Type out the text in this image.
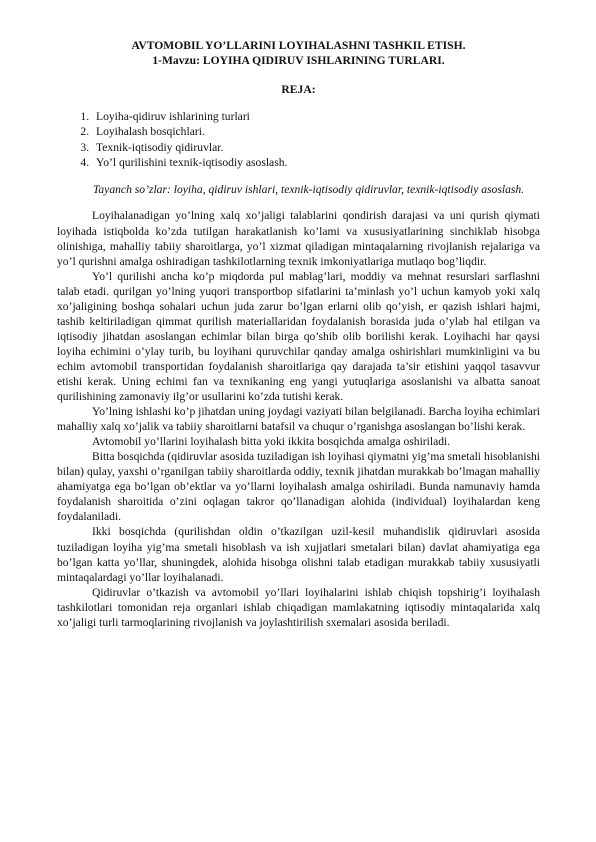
AVTOMOBIL YO’LLARINI LOYIHALASHNI TASHKIL ETISH.

1-Mavzu: LOYIHA QIDIRUV ISHLARINING TURLARI.

REJA:

1. Loyiha-qidiruv ishlarining turlari
2. Loyihalash bosqichlari.
3. Texnik-iqtisodiy qidiruvlar.
4. Yo’l qurilishini texnik-iqtisodiy asoslash.

Tayanch so’zlar: loyiha, qidiruv ishlari, texnik-iqtisodiy qidiruvlar, texnik-iqtisodiy asoslash.

Loyihalanadigan yo’lning xalq xo’jaligi talablarini qondirish darajasi va uni qurish qiymati loyihada istiqbolda ko’zda tutilgan harakatlanish ko’lami va xususiyatlarining sinchiklab hisobga olinishiga, mahalliy tabiiy sharoitlarga, yo’l xizmat qiladigan mintaqalarning rivojlanish rejalariga va yo’l qurishni amalga oshiradigan tashkilotlarning texnik imkoniyatlariga mutlaqo bog’liqdir.

Yo’l qurilishi ancha ko’p miqdorda pul mablag’lari, moddiy va mehnat resurslari sarflashni talab etadi. qurilgan yo’lning yuqori transportbop sifatlarini ta’minlash yo’l uchun kamyob yoki xalq xo’jaligining boshqa sohalari uchun juda zarur bo’lgan erlarni olib qo’yish, er qazish ishlari hajmi, tashib keltiriladigan qimmat qurilish materiallaridan foydalanish borasida juda o’ylab hal etilgan va iqtisodiy jihatdan asoslangan echimlar bilan birga qo’shib olib borilishi kerak. Loyihachi har qaysi loyiha echimini o’ylay turib, bu loyihani quruvchilar qanday amalga oshirishlari mumkinligini va bu echim avtomobil transportidan foydalanish sharoitlariga qay darajada ta’sir etishini yaqqol tasavvur etishi kerak. Uning echimi fan va texnikaning eng yangi yutuqlariga asoslanishi va albatta sanoat qurilishining zamonaviy ilg’or usullarini ko’zda tutishi kerak.

Yo’lning ishlashi ko’p jihatdan uning joydagi vaziyati bilan belgilanadi. Barcha loyiha echimlari mahalliy xalq xo’jalik va tabiiy sharoitlarni batafsil va chuqur o’rganishga asoslangan bo’lishi kerak.

Avtomobil yo’llarini loyihalash bitta yoki ikkita bosqichda amalga oshiriladi.

Bitta bosqichda (qidiruvlar asosida tuziladigan ish loyihasi qiymatni yig’ma smetali hisoblanishi bilan) qulay, yaxshi o’rganilgan tabiiy sharoitlarda oddiy, texnik jihatdan murakkab bo’lmagan mahalliy ahamiyatga ega bo’lgan ob’ektlar va yo’llarni loyihalash amalga oshiriladi. Bunda namunaviy hamda foydalanish sharoitida o’zini oqlagan takror qo’llanadigan alohida (individual) loyihalardan keng foydalaniladi.

Ikki bosqichda (qurilishdan oldin o’tkazilgan uzil-kesil muhandislik qidiruvlari asosida tuziladigan loyiha yig’ma smetali hisoblash va ish xujjatlari smetalari bilan) davlat ahamiyatiga ega bo’lgan katta yo’llar, shuningdek, alohida hisobga olishni talab etadigan murakkab tabiiy xususiyatli mintaqalardagi yo’llar loyihalanadi.

Qidiruvlar o’tkazish va avtomobil yo’llari loyihalarini ishlab chiqish topshirig’i loyihalash tashkilotlari tomonidan reja organlari ishlab chiqadigan mamlakatning iqtisodiy mintaqalarida xalq xo’jaligi turli tarmoqlarining rivojlanish va joylashtirilish sxemalari asosida beriladi.
